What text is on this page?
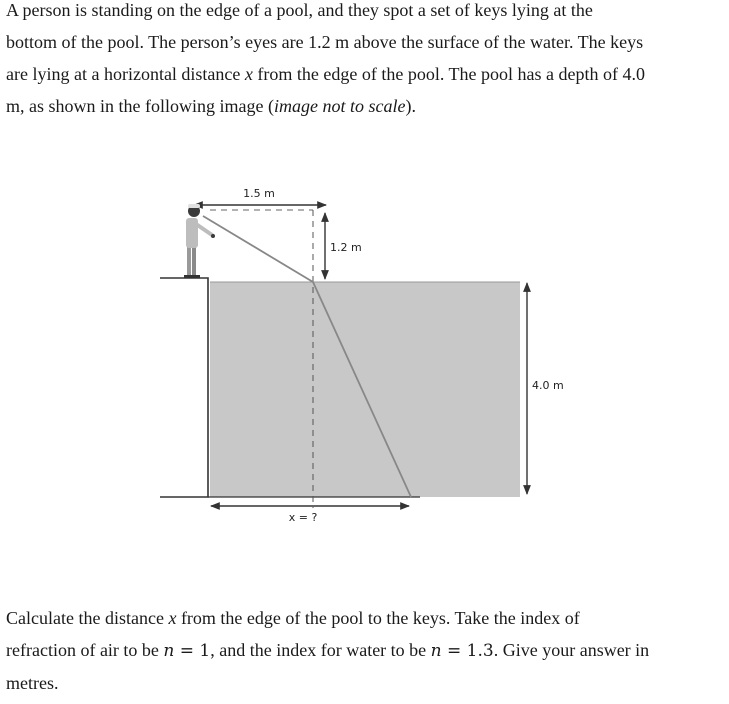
A person is standing on the edge of a pool, and they spot a set of keys lying at the
bottom of the pool. The person’s eyes are 1.2 m above the surface of the water. The keys
are lying at a horizontal distance x from the edge of the pool. The pool has a depth of 4.0
m, as shown in the following image (image not to scale).
1.5 m
1.2 m
4.0 m
x = ?
Calculate the distance x from the edge of the pool to the keys. Take the index of
refraction of air to be n = 1, and the index for water to be n = 1.3. Give your answer in
metres.
